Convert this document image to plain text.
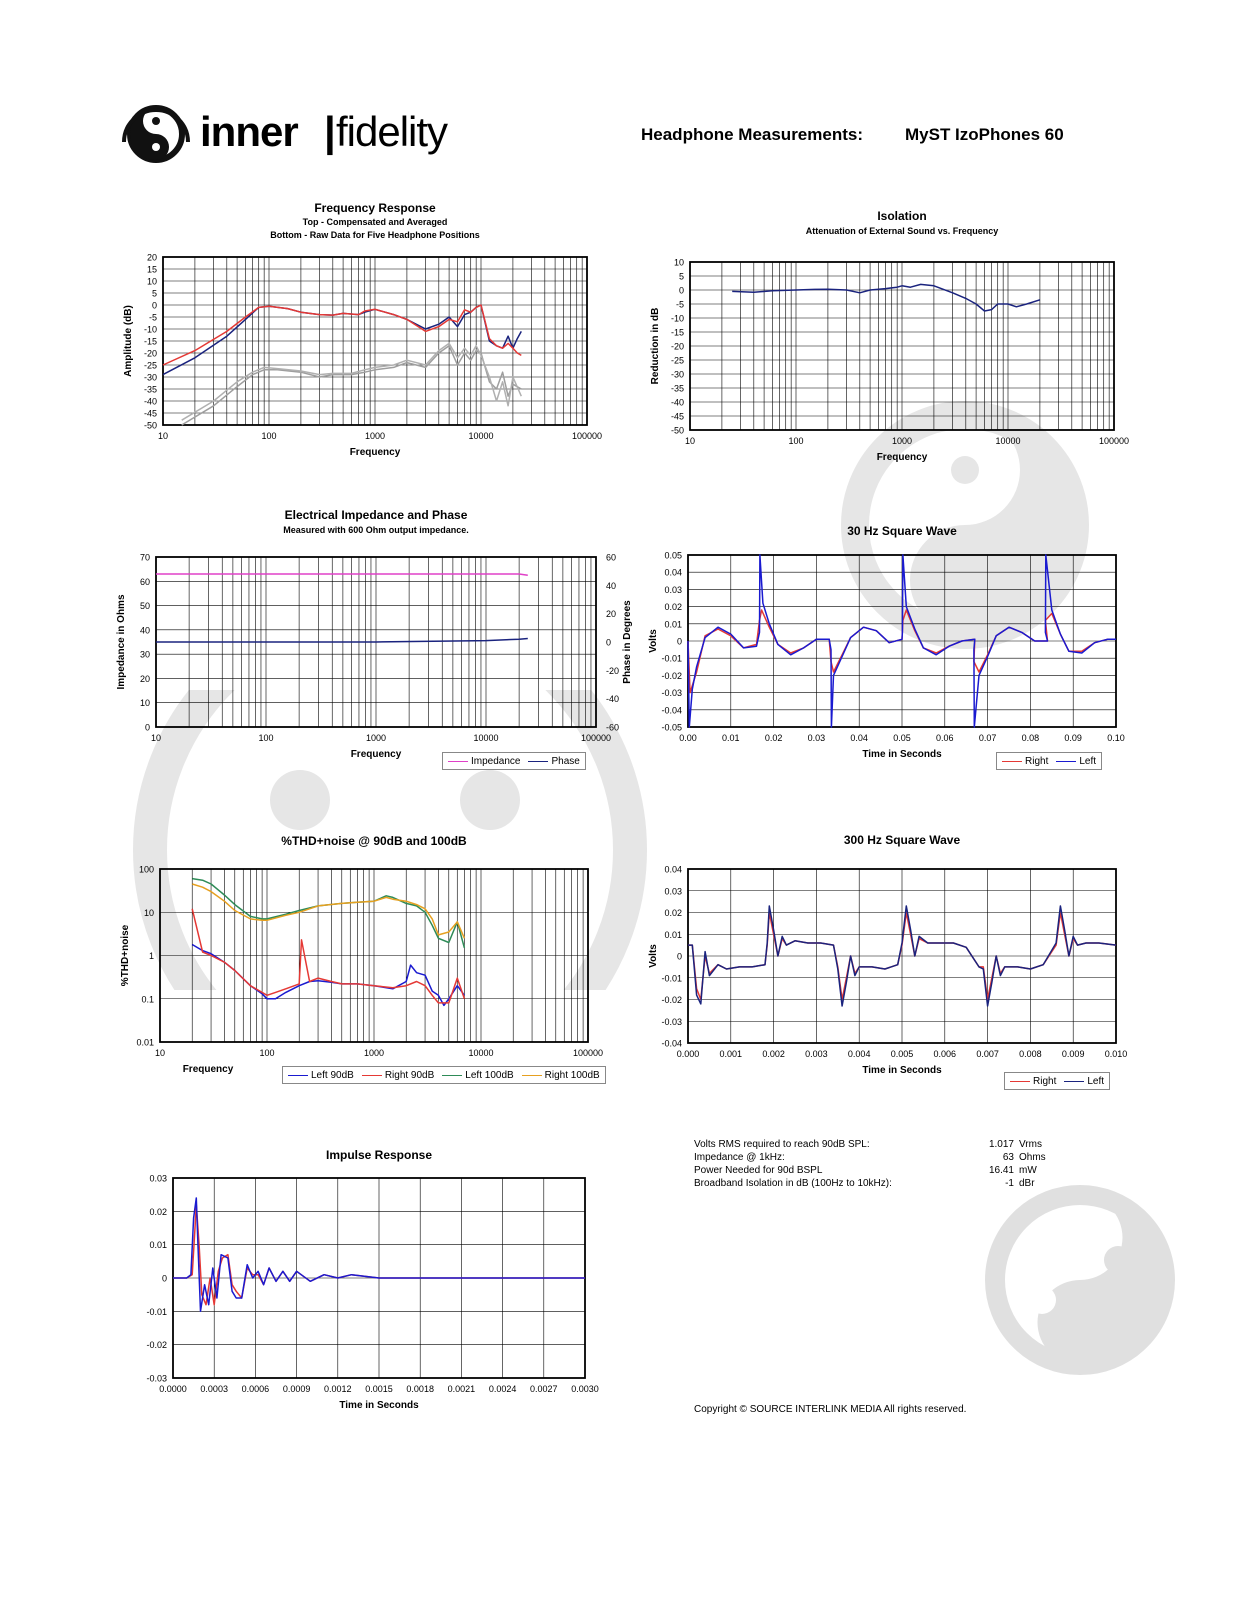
inner | fidelity	Headphone Measurements: MyST IzoPhones 60
Frequency Response
Top - Compensated and Averaged
Bottom - Raw Data for Five Headphone Positions
20
15
10
5
0
-5
-10
-15
-20
-25
-30
-35
-40
-45
-50
10	100	1000	10000	100000
Frequency
Amplitude (dB)
Isolation
Attenuation of External Sound vs. Frequency
10
5
0
-5
-10
-15
-20
-25
-30
-35
-40
-45
-50
10	100	1000	10000	100000
Frequency
Reduction in dB
Electrical Impedance and Phase
Measured with 600 Ohm output impedance.
70
60
50
40
30
20
10
0
60
40
20
0
-20
-40
-60
10	100	1000	10000	100000
Frequency
Impedance in Ohms	Phase in Degrees
30 Hz Square Wave
0.05
0.04
0.03
0.02
0.01
0
-0.01
-0.02
-0.03
-0.04
-0.05
0.00	0.01	0.02	0.03	0.04	0.05	0.06	0.07	0.08	0.09	0.10
Time in Seconds
Volts
%THD+noise @ 90dB and 100dB
100
10
1
0.1
0.01
10	100	1000	10000	100000
Frequency
%THD+noise
300 Hz Square Wave
0.04
0.03
0.02
0.01
0
-0.01
-0.02
-0.03
-0.04
0.000 0.001 0.002 0.003 0.004 0.005 0.006 0.007 0.008 0.009 0.010
Time in Seconds
Volts
Impulse Response
0.03
0.02
0.01
0
-0.01
-0.02
-0.03
0.0000 0.0003 0.0006 0.0009 0.0012 0.0015 0.0018 0.0021 0.0024 0.0027 0.0030
Time in Seconds
Impedance	Phase	Right	Left
Left 90dB	Right 90dB	Left 100dB	Right 100dB
Right	Left
Volts RMS required to reach 90dB SPL:	1.017 Vrms
Impedance @ 1kHz:	63 Ohms
Power Needed for 90d BSPL	16.41 mW
Broadband Isolation in dB (100Hz to 10kHz):	-1 dBr
Copyright © SOURCE INTERLINK MEDIA All rights reserved.
